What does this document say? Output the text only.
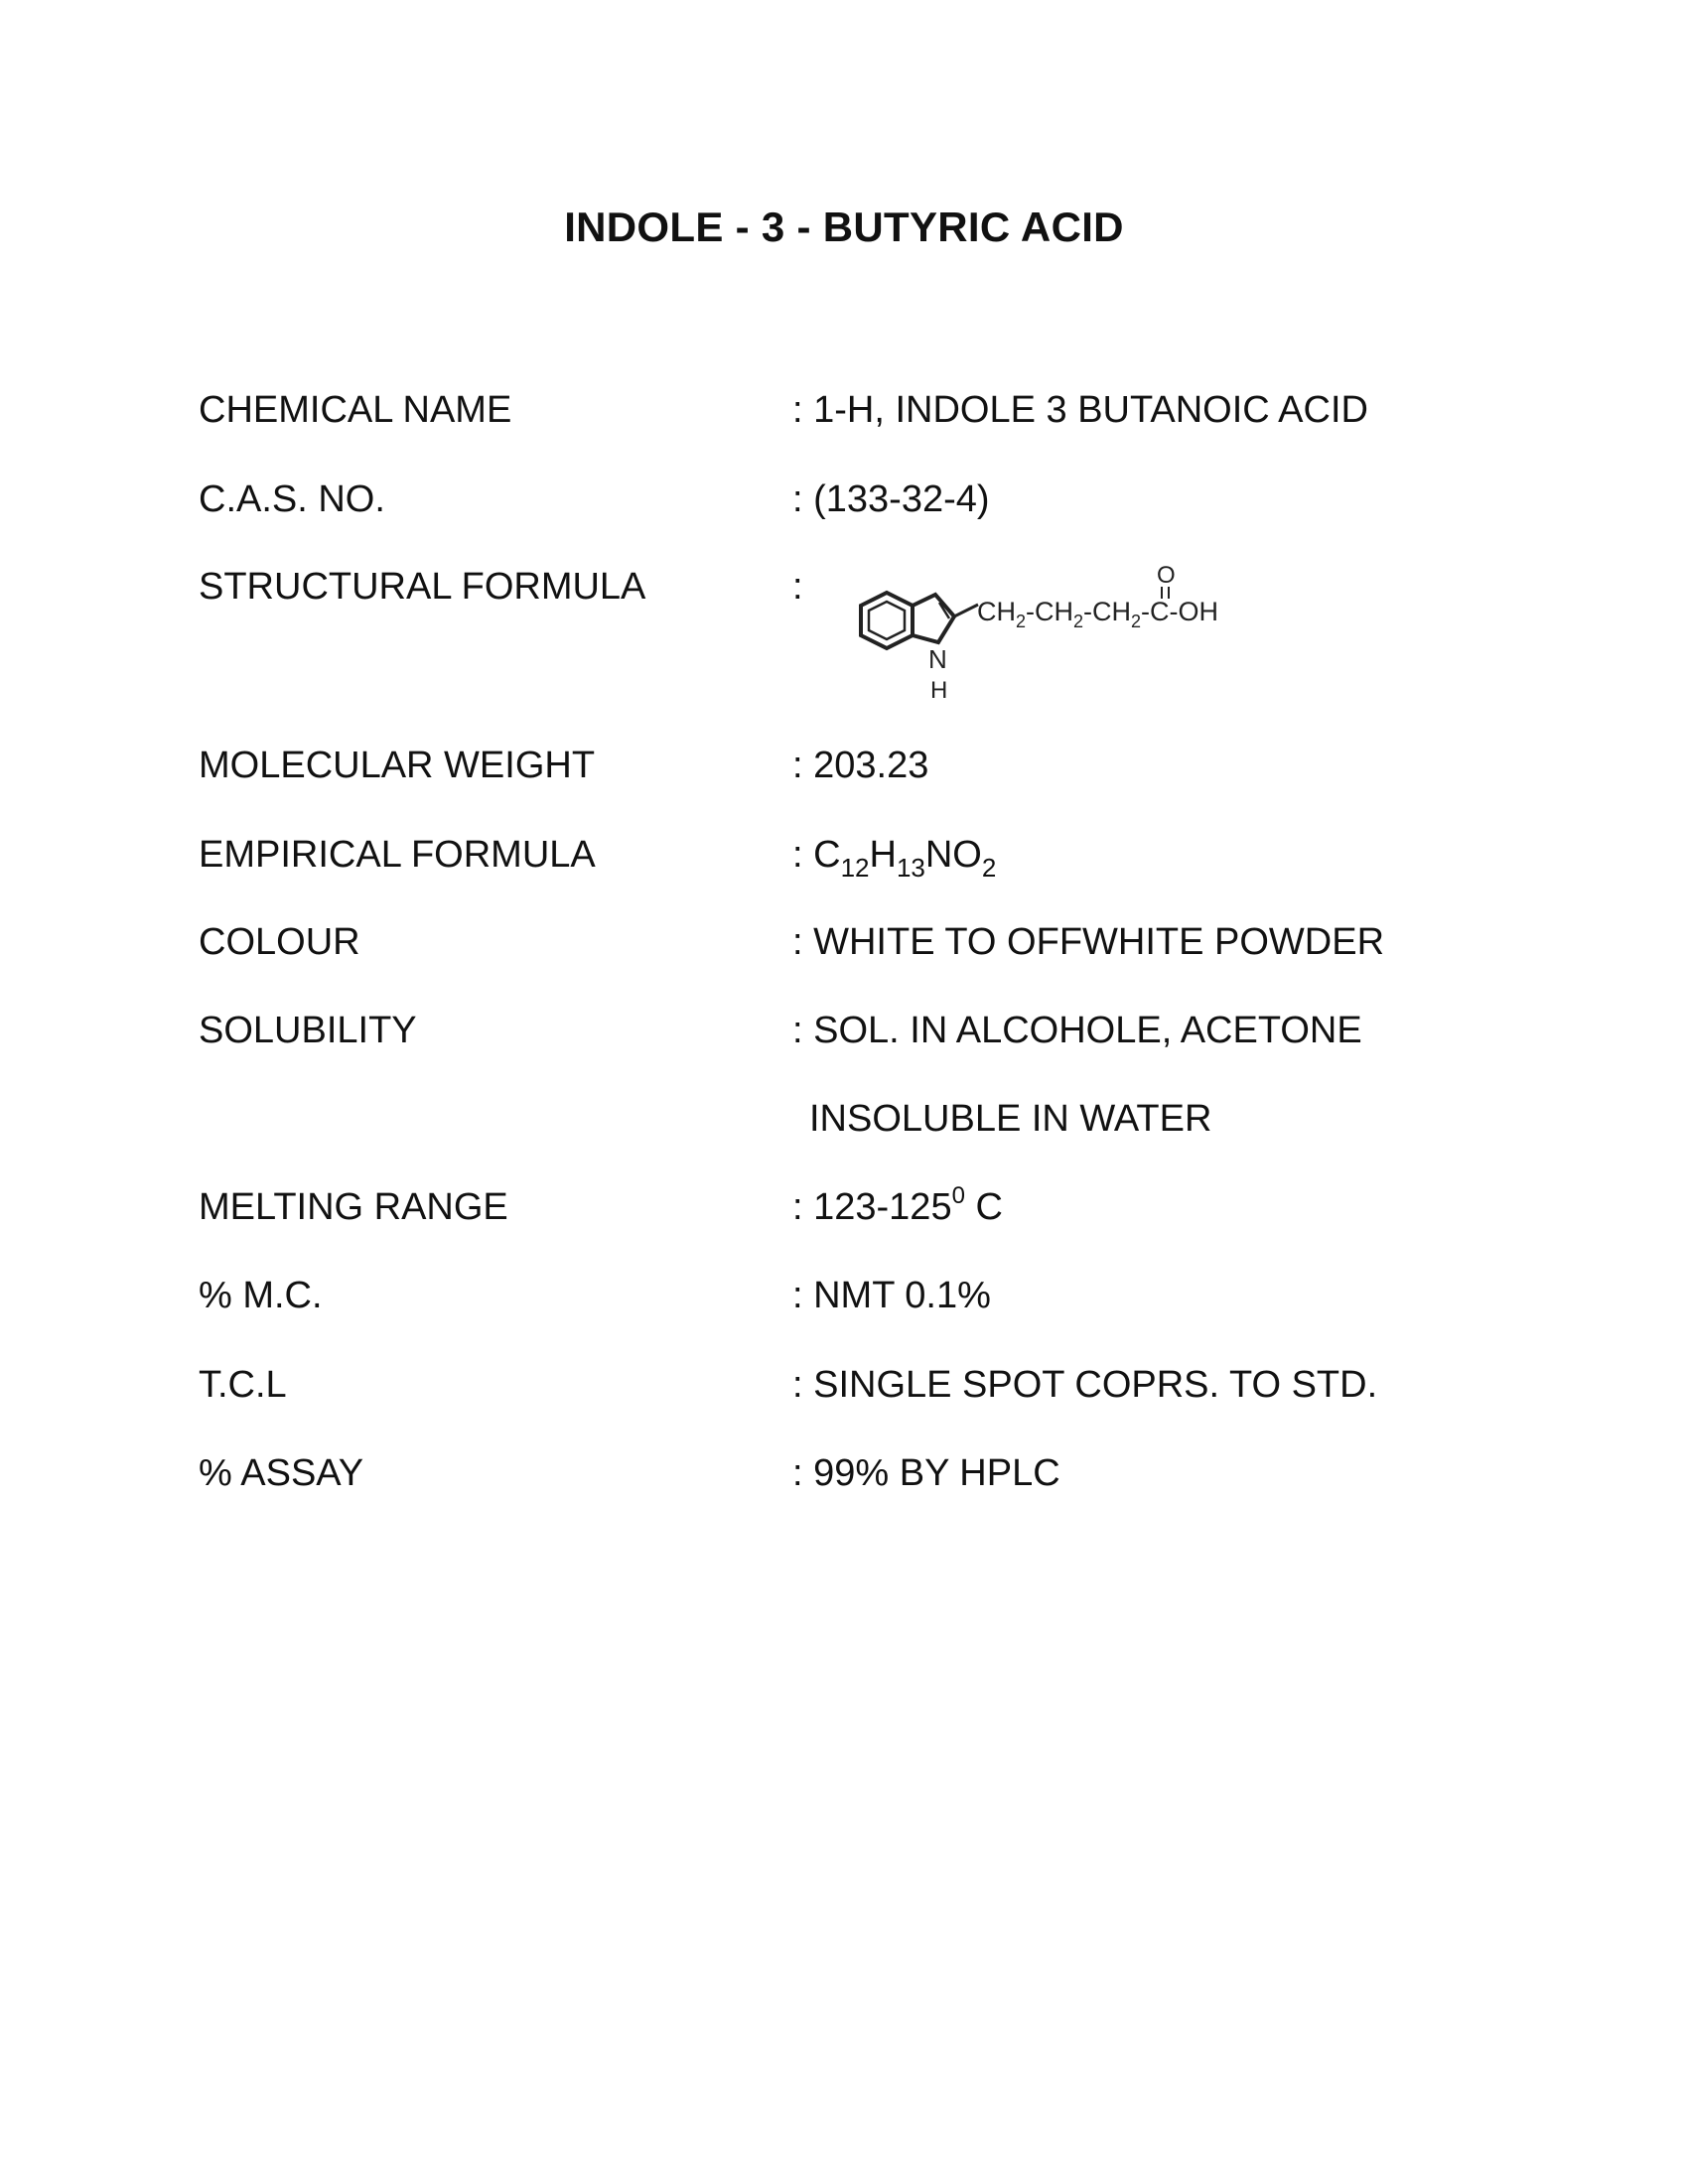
INDOLE - 3 - BUTYRIC ACID
CHEMICAL NAME	: 1-H, INDOLE 3 BUTANOIC ACID
C.A.S. NO.	: (133-32-4)
STRUCTURAL FORMULA	:
N
H
$CH_2-CH_2-CH_2-C-OH$
O
MOLECULAR WEIGHT	: 203.23
EMPIRICAL FORMULA	: $C_{12}H_{13}NO_2$
COLOUR	: WHITE TO OFFWHITE POWDER
SOLUBILITY	: SOL. IN ALCOHOLE, ACETONE
INSOLUBLE IN WATER
MELTING RANGE	: $123-125^0$ C
% M.C.	: NMT 0.1%
T.C.L	: SINGLE SPOT COPRS. TO STD.
% ASSAY	: 99% BY HPLC
